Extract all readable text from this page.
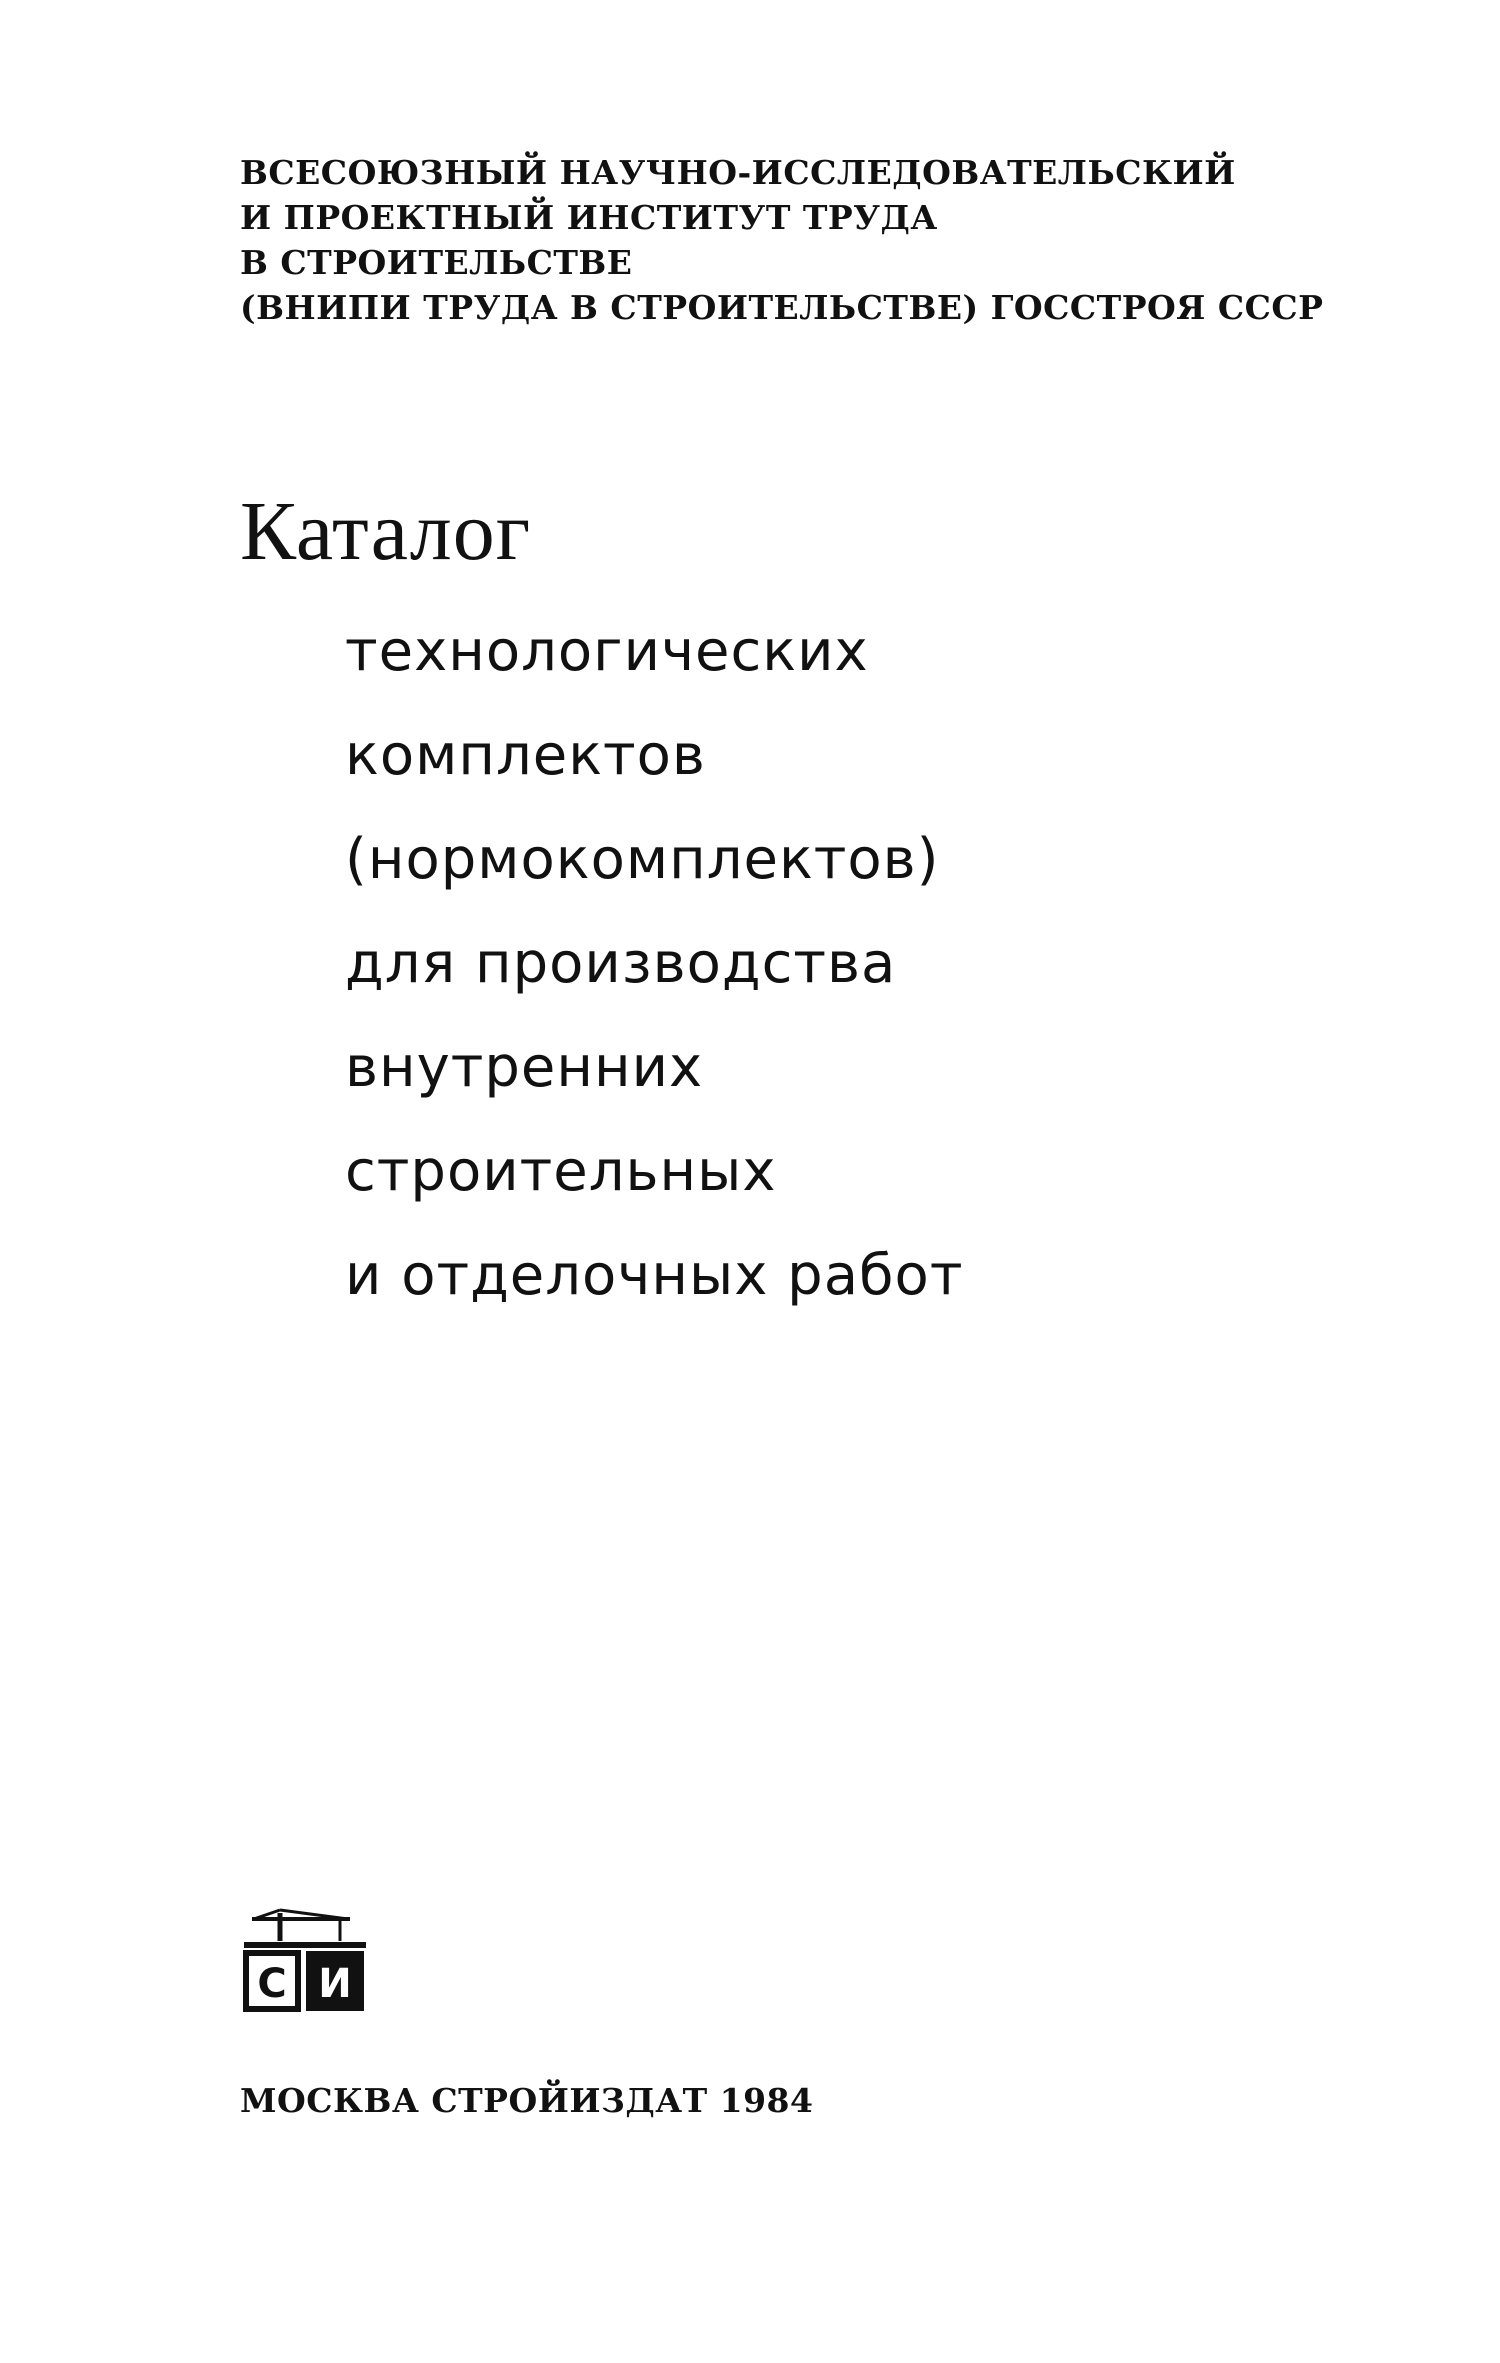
ВСЕСОЮЗНЫЙ НАУЧНО-ИССЛЕДОВАТЕЛЬСКИЙ
И ПРОЕКТНЫЙ ИНСТИТУТ ТРУДА
В СТРОИТЕЛЬСТВЕ
(ВНИПИ ТРУДА В СТРОИТЕЛЬСТВЕ) ГОССТРОЯ СССР
Каталог
технологических
комплектов
(нормокомплектов)
для производства
внутренних
строительных
и отделочных работ
С И
МОСКВА СТРОЙИЗДАТ 1984
